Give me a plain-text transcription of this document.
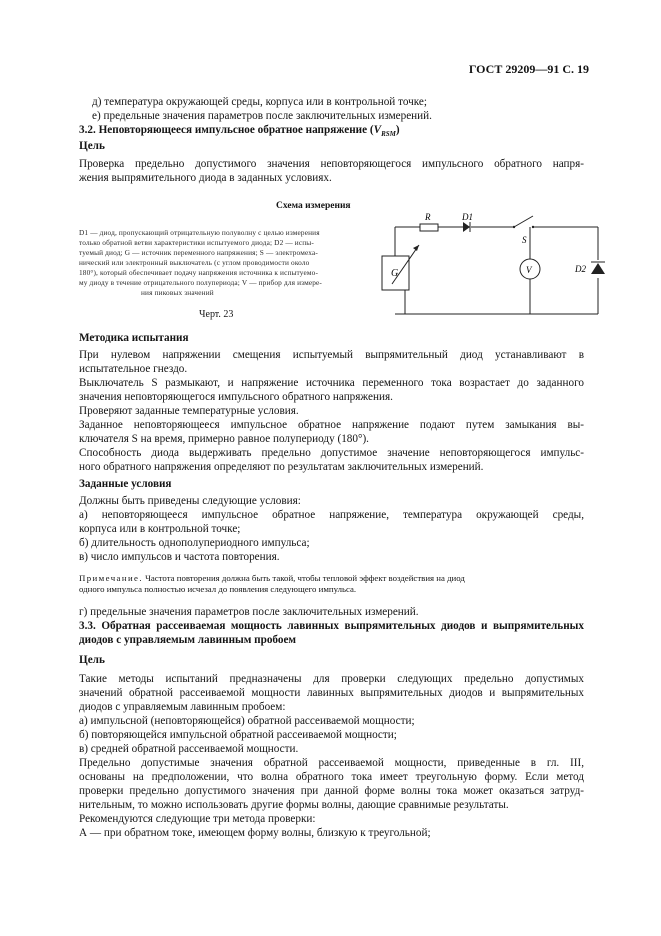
ГОСТ 29209—91 С. 19
д) температура окружающей среды, корпуса или в контрольной точке;
е) предельные значения параметров после заключительных измерений.
3.2. Неповторяющееся импульсное обратное напряжение $(V_{RSM})$
Цель
Проверка предельно допустимого значения неповторяющегося импульсного обратного напря-
жения выпрямительного диода в заданных условиях.
Схема измерения
D1 — диод, пропускающий отрицательную полуволну с целью измерения
только обратной ветви характеристики испытуемого диода; D2 — испы-
туемый диод; G — источник переменного напряжения; S — электромеха-
нический или электронный выключатель (с углом проводимости около
180°), который обеспечивает подачу напряжения источника к испытуемо-
му диоду в течение отрицательного полупериода; V — прибор для измере-
ния пиковых значений
Черт. 23
R	D1
S
D2
V
G
Методика испытания
При нулевом напряжении смещения испытуемый выпрямительный диод устанавливают в
испытательное гнездо.
Выключатель S размыкают, и напряжение источника переменного тока возрастает до заданного
значения неповторяющегося импульсного обратного напряжения.
Проверяют заданные температурные условия.
Заданное неповторяющееся импульсное обратное напряжение подают путем замыкания вы-
ключателя S на время, примерно равное полупериоду (180°).
Способность диода выдерживать предельно допустимое значение неповторяющегося импульс-
ного обратного напряжения определяют по результатам заключительных измерений.
Заданные условия
Должны быть приведены следующие условия:
а) неповторяющееся импульсное обратное напряжение, температура окружающей среды,
корпуса или в контрольной точке;
б) длительность однополупериодного импульса;
в) число импульсов и частота повторения.
Примечание. Частота повторения должна быть такой, чтобы тепловой эффект воздействия на диод
одного импульса полностью исчезал до появления следующего импульса.
г) предельные значения параметров после заключительных измерений.
3.3. Обратная рассеиваемая мощность лавинных выпрямительных диодов и выпрямительных
диодов с управляемым лавинным пробоем
Цель
Такие методы испытаний предназначены для проверки следующих предельно допустимых
значений обратной рассеиваемой мощности лавинных выпрямительных диодов и выпрямительных
диодов с управляемым лавинным пробоем:
а) импульсной (неповторяющейся) обратной рассеиваемой мощности;
б) повторяющейся импульсной обратной рассеиваемой мощности;
в) средней обратной рассеиваемой мощности.
Предельно допустимые значения обратной рассеиваемой мощности, приведенные в гл. III,
основаны на предположении, что волна обратного тока имеет треугольную форму. Если метод
проверки предельно допустимого значения при данной форме волны тока может оказаться затруд-
нительным, то можно использовать другие формы волны, дающие сравнимые результаты.
Рекомендуются следующие три метода проверки:
А — при обратном токе, имеющем форму волны, близкую к треугольной;
